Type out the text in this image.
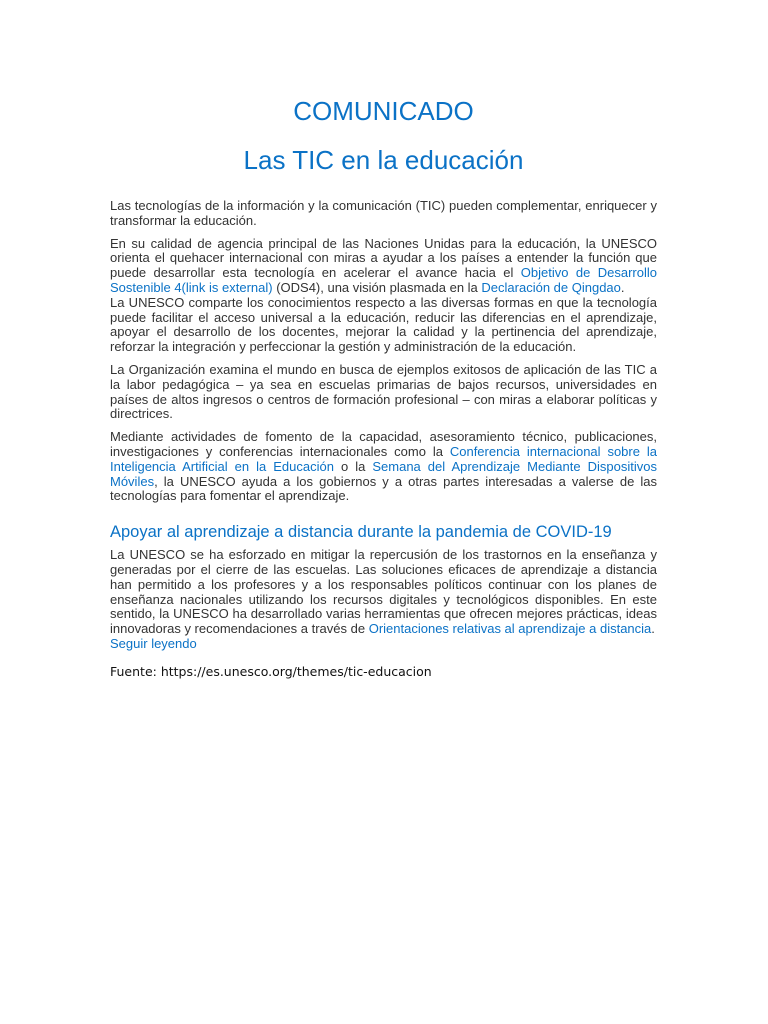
COMUNICADO
Las TIC en la educación

Las tecnologías de la información y la comunicación (TIC) pueden complementar, enriquecer y transformar la educación.

En su calidad de agencia principal de las Naciones Unidas para la educación, la UNESCO orienta el quehacer internacional con miras a ayudar a los países a entender la función que puede desarrollar esta tecnología en acelerar el avance hacia el Objetivo de Desarrollo Sostenible 4(link is external) (ODS4), una visión plasmada en la Declaración de Qingdao.

La UNESCO comparte los conocimientos respecto a las diversas formas en que la tecnología puede facilitar el acceso universal a la educación, reducir las diferencias en el aprendizaje, apoyar el desarrollo de los docentes, mejorar la calidad y la pertinencia del aprendizaje, reforzar la integración y perfeccionar la gestión y administración de la educación.

La Organización examina el mundo en busca de ejemplos exitosos de aplicación de las TIC a la labor pedagógica – ya sea en escuelas primarias de bajos recursos, universidades en países de altos ingresos o centros de formación profesional – con miras a elaborar políticas y directrices.

Mediante actividades de fomento de la capacidad, asesoramiento técnico, publicaciones, investigaciones y conferencias internacionales como la Conferencia internacional sobre la Inteligencia Artificial en la Educación o la Semana del Aprendizaje Mediante Dispositivos Móviles, la UNESCO ayuda a los gobiernos y a otras partes interesadas a valerse de las tecnologías para fomentar el aprendizaje.

Apoyar al aprendizaje a distancia durante la pandemia de COVID-19

La UNESCO se ha esforzado en mitigar la repercusión de los trastornos en la enseñanza y generadas por el cierre de las escuelas. Las soluciones eficaces de aprendizaje a distancia han permitido a los profesores y a los responsables políticos continuar con los planes de enseñanza nacionales utilizando los recursos digitales y tecnológicos disponibles. En este sentido, la UNESCO ha desarrollado varias herramientas que ofrecen mejores prácticas, ideas innovadoras y recomendaciones a través de Orientaciones relativas al aprendizaje a distancia.
Seguir leyendo

Fuente: https://es.unesco.org/themes/tic-educacion
